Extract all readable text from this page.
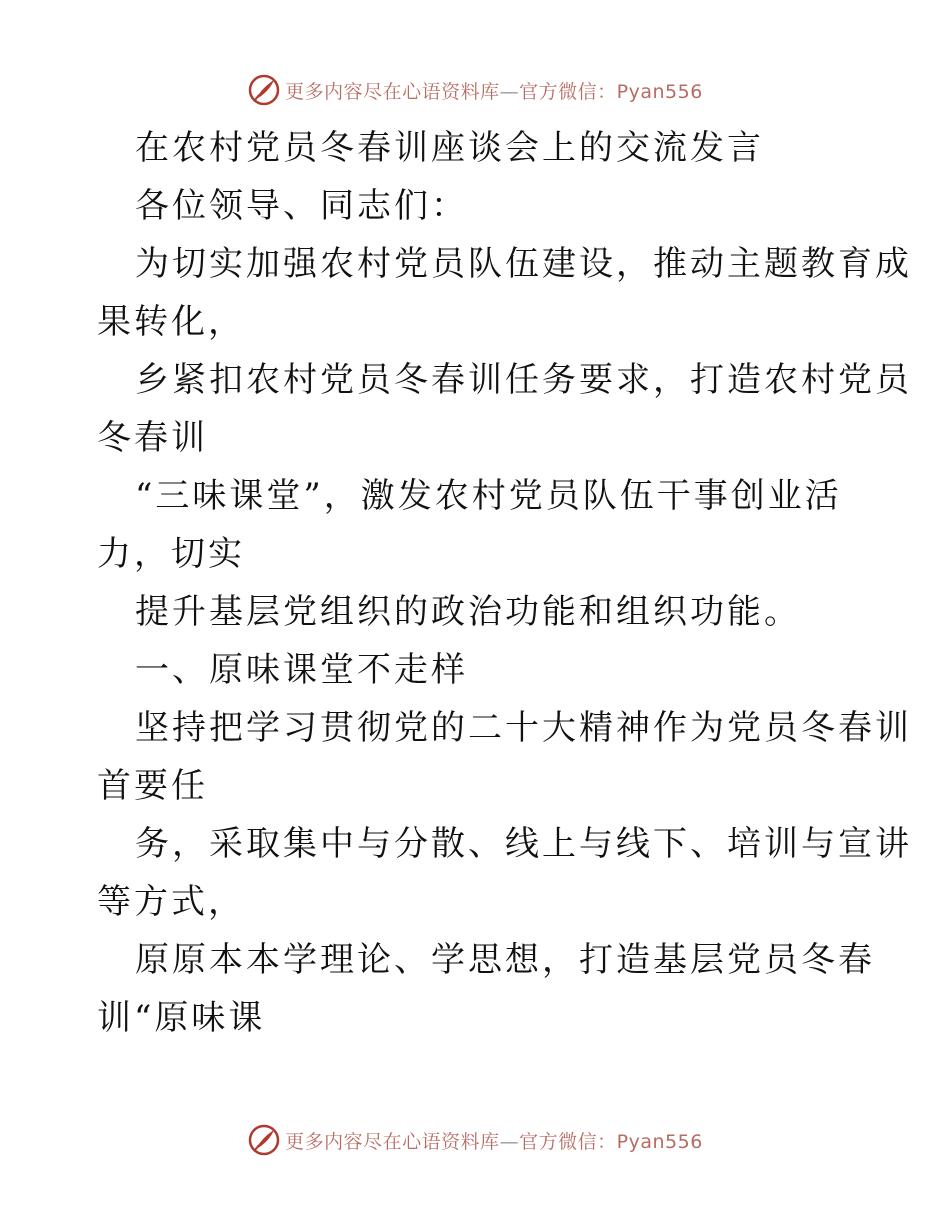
更多内容尽在心语资料库—官方微信：Pyan556
在农村党员冬春训座谈会上的交流发言
各位领导、同志们：
为切实加强农村党员队伍建设，推动主题教育成
果转化，
乡紧扣农村党员冬春训任务要求，打造农村党员
冬春训
“三味课堂”，激发农村党员队伍干事创业活
力，切实
提升基层党组织的政治功能和组织功能。
一、原味课堂不走样
坚持把学习贯彻党的二十大精神作为党员冬春训
首要任
务，采取集中与分散、线上与线下、培训与宣讲
等方式，
原原本本学理论、学思想，打造基层党员冬春
训“原味课
更多内容尽在心语资料库—官方微信：Pyan556
